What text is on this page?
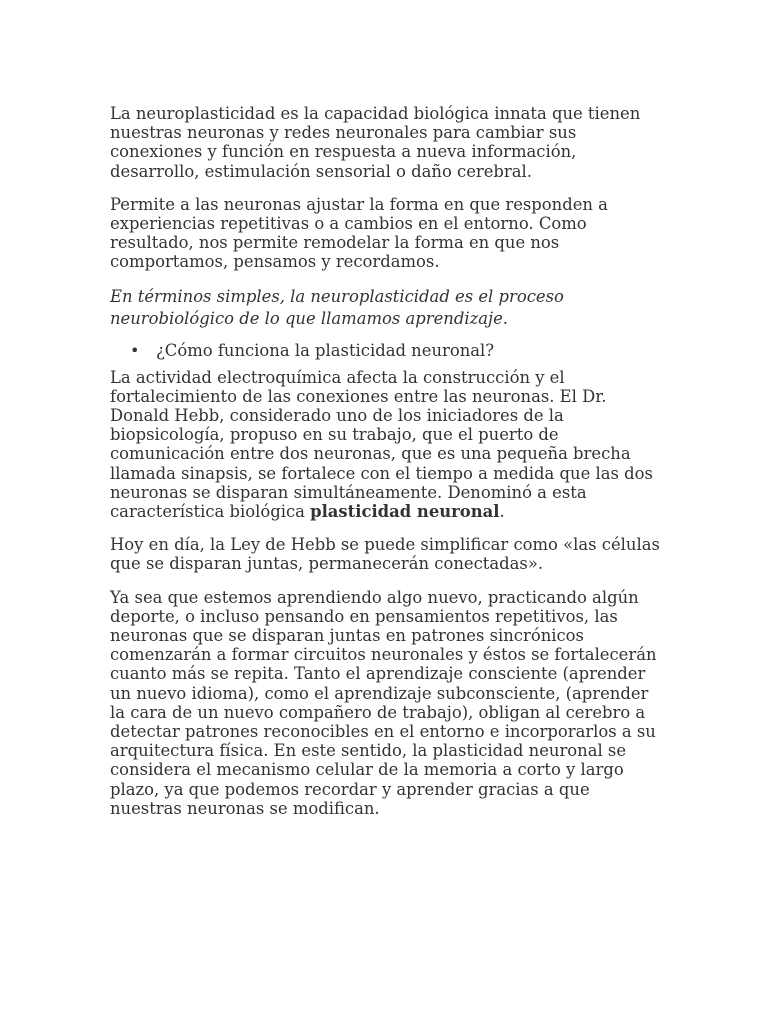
La neuroplasticidad es la capacidad biológica innata que tienen nuestras neuronas y redes neuronales para cambiar sus conexiones y función en respuesta a nueva información, desarrollo, estimulación sensorial o daño cerebral.

Permite a las neuronas ajustar la forma en que responden a experiencias repetitivas o a cambios en el entorno. Como resultado, nos permite remodelar la forma en que nos comportamos, pensamos y recordamos.

En términos simples, la neuroplasticidad es el proceso neurobiológico de lo que llamamos aprendizaje.

• ¿Cómo funciona la plasticidad neuronal?

La actividad electroquímica afecta la construcción y el fortalecimiento de las conexiones entre las neuronas. El Dr. Donald Hebb, considerado uno de los iniciadores de la biopsicología, propuso en su trabajo, que el puerto de comunicación entre dos neuronas, que es una pequeña brecha llamada sinapsis, se fortalece con el tiempo a medida que las dos neuronas se disparan simultáneamente. Denominó a esta característica biológica plasticidad neuronal.

Hoy en día, la Ley de Hebb se puede simplificar como «las células que se disparan juntas, permanecerán conectadas».

Ya sea que estemos aprendiendo algo nuevo, practicando algún deporte, o incluso pensando en pensamientos repetitivos, las neuronas que se disparan juntas en patrones sincrónicos comenzarán a formar circuitos neuronales y éstos se fortalecerán cuanto más se repita. Tanto el aprendizaje consciente (aprender un nuevo idioma), como el aprendizaje subconsciente, (aprender la cara de un nuevo compañero de trabajo), obligan al cerebro a detectar patrones reconocibles en el entorno e incorporarlos a su arquitectura física. En este sentido, la plasticidad neuronal se considera el mecanismo celular de la memoria a corto y largo plazo, ya que podemos recordar y aprender gracias a que nuestras neuronas se modifican.
